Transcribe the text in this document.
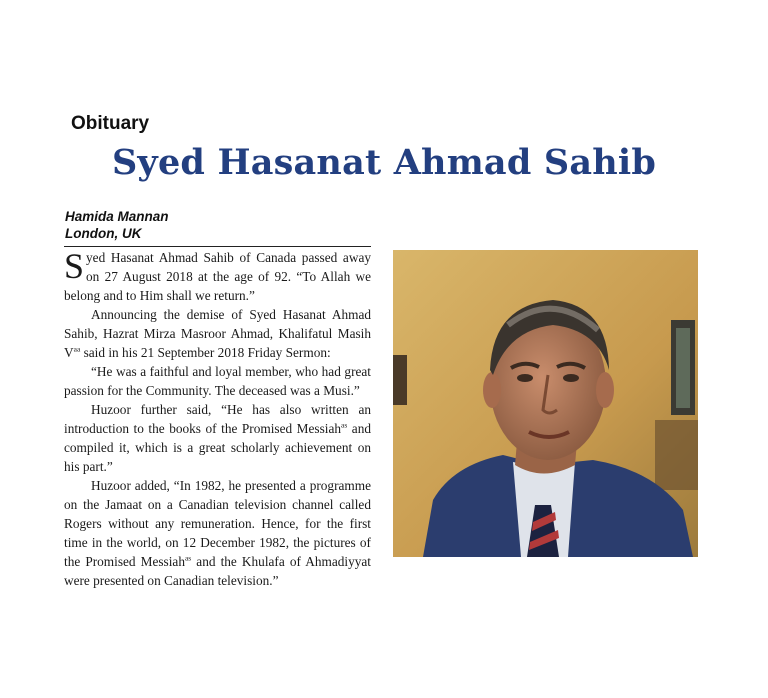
Obituary
Syed Hasanat Ahmad Sahib
Hamida Mannan
London, UK

Syed Hasanat Ahmad Sahib of Canada passed away on 27 August 2018 at the age of 92. “To Allah we belong and to Him shall we return.”

Announcing the demise of Syed Hasanat Ahmad Sahib, Hazrat Mirza Masroor Ahmad, Khalifatul Masih $V^{aa}$ said in his 21 September 2018 Friday Sermon:

“He was a faithful and loyal member, who had great passion for the Community. The deceased was a Musi.”

Huzoor further said, “He has also written an introduction to the books of the Promised Messiah$^{as}$ and compiled it, which is a great scholarly achievement on his part.”

Huzoor added, “In 1982, he presented a programme on the Jamaat on a Canadian television channel called Rogers without any remuneration. Hence, for the first time in the world, on 12 December 1982, the pictures of the Promised Messiah$^{as}$ and the Khulafa of Ahmadiyyat were presented on Canadian television.”
